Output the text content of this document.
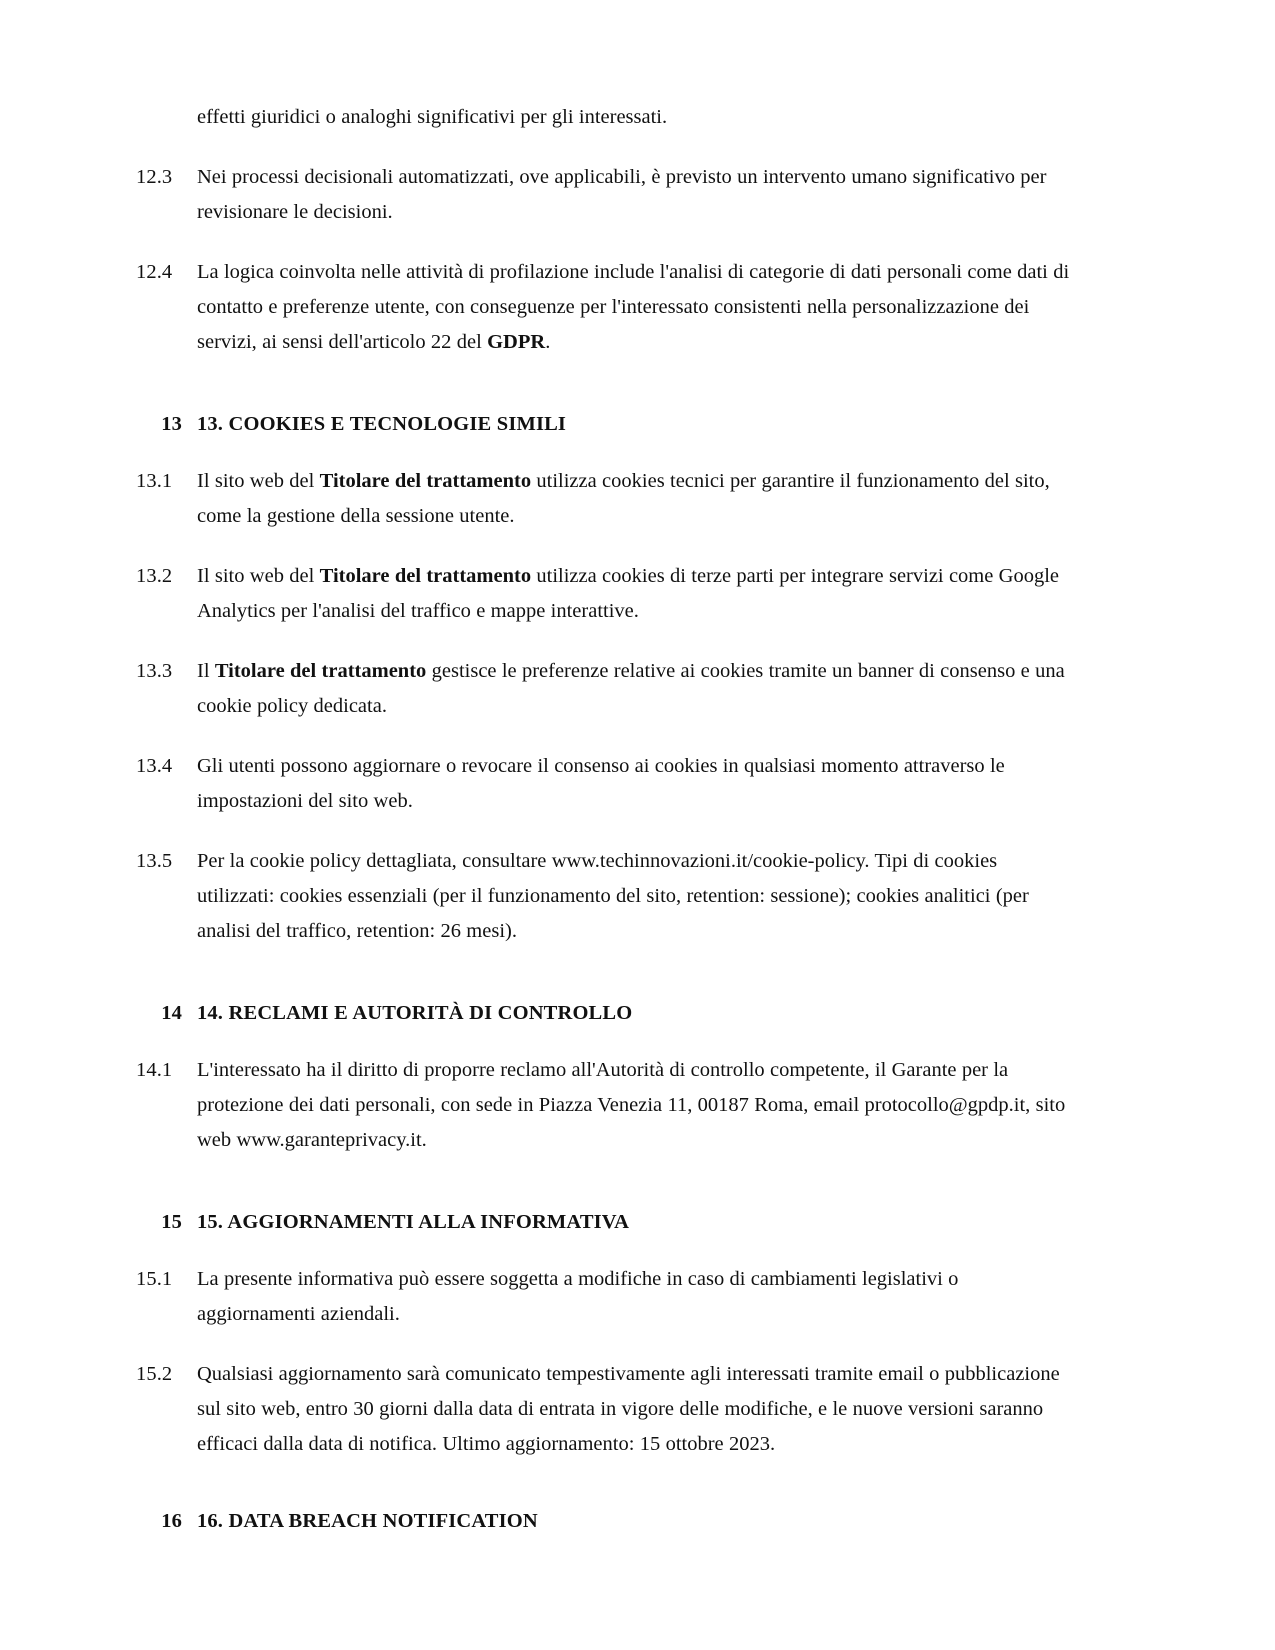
effetti giuridici o analoghi significativi per gli interessati.
12.3	Nei processi decisionali automatizzati, ove applicabili, è previsto un intervento umano significativo per revisionare le decisioni.
12.4	La logica coinvolta nelle attività di profilazione include l'analisi di categorie di dati personali come dati di contatto e preferenze utente, con conseguenze per l'interessato consistenti nella personalizzazione dei servizi, ai sensi dell'articolo 22 del GDPR.
13 13. COOKIES E TECNOLOGIE SIMILI
13.1	Il sito web del Titolare del trattamento utilizza cookies tecnici per garantire il funzionamento del sito, come la gestione della sessione utente.
13.2	Il sito web del Titolare del trattamento utilizza cookies di terze parti per integrare servizi come Google Analytics per l'analisi del traffico e mappe interattive.
13.3	Il Titolare del trattamento gestisce le preferenze relative ai cookies tramite un banner di consenso e una cookie policy dedicata.
13.4	Gli utenti possono aggiornare o revocare il consenso ai cookies in qualsiasi momento attraverso le impostazioni del sito web.
13.5	Per la cookie policy dettagliata, consultare www.techinnovazioni.it/cookie-policy. Tipi di cookies utilizzati: cookies essenziali (per il funzionamento del sito, retention: sessione); cookies analitici (per analisi del traffico, retention: 26 mesi).
14 14. RECLAMI E AUTORITÀ DI CONTROLLO
14.1	L'interessato ha il diritto di proporre reclamo all'Autorità di controllo competente, il Garante per la protezione dei dati personali, con sede in Piazza Venezia 11, 00187 Roma, email protocollo@gpdp.it, sito web www.garanteprivacy.it.
15 15. AGGIORNAMENTI ALLA INFORMATIVA
15.1	La presente informativa può essere soggetta a modifiche in caso di cambiamenti legislativi o aggiornamenti aziendali.
15.2	Qualsiasi aggiornamento sarà comunicato tempestivamente agli interessati tramite email o pubblicazione sul sito web, entro 30 giorni dalla data di entrata in vigore delle modifiche, e le nuove versioni saranno efficaci dalla data di notifica. Ultimo aggiornamento: 15 ottobre 2023.
16 16. DATA BREACH NOTIFICATION
